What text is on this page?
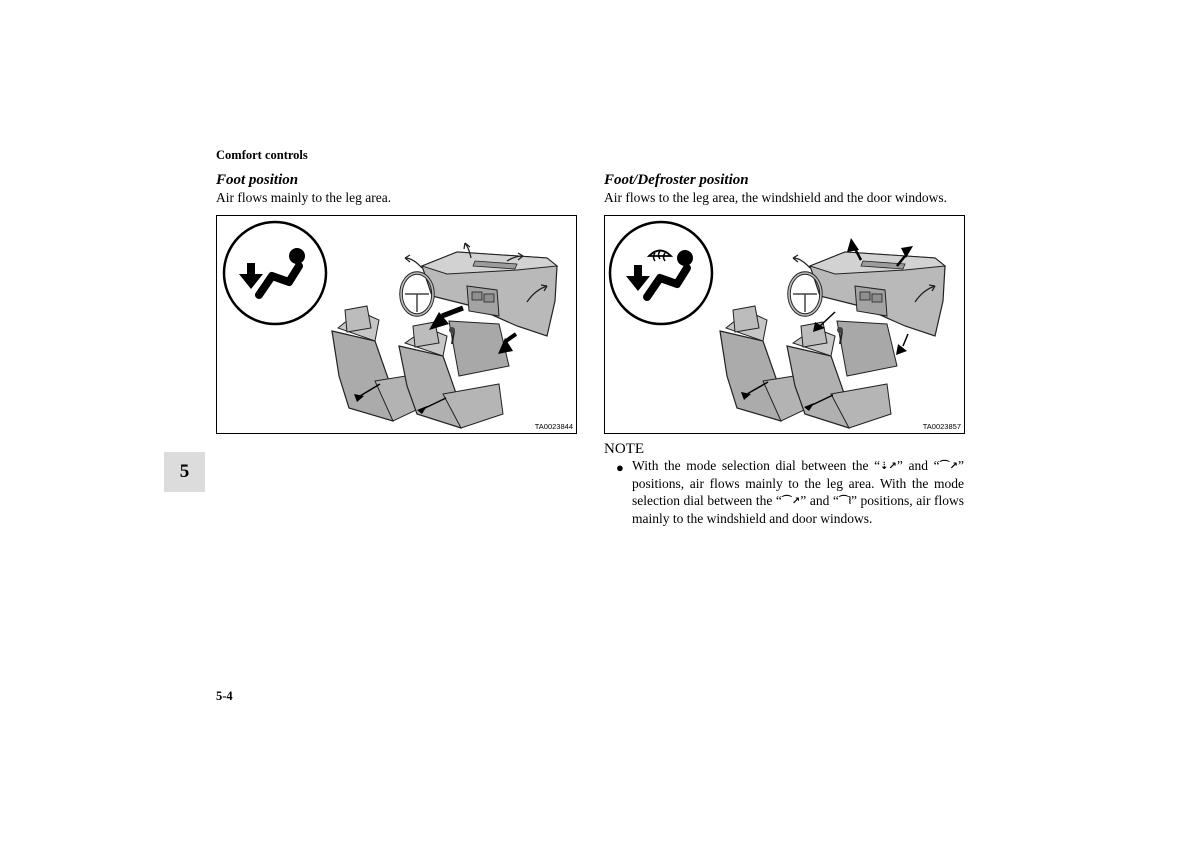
Comfort controls
Foot position
Air flows mainly to the leg area.
TA0023844
Foot/Defroster position
Air flows to the leg area, the windshield and the door windows.
TA0023857
NOTE
● With the mode selection dial between the “⇣↗” and “⌒↗” positions, air flows mainly to the leg area. With the mode selection dial between the “⌒↗” and “⌒⦚” positions, air flows mainly to the windshield and door windows.
5
5-4
